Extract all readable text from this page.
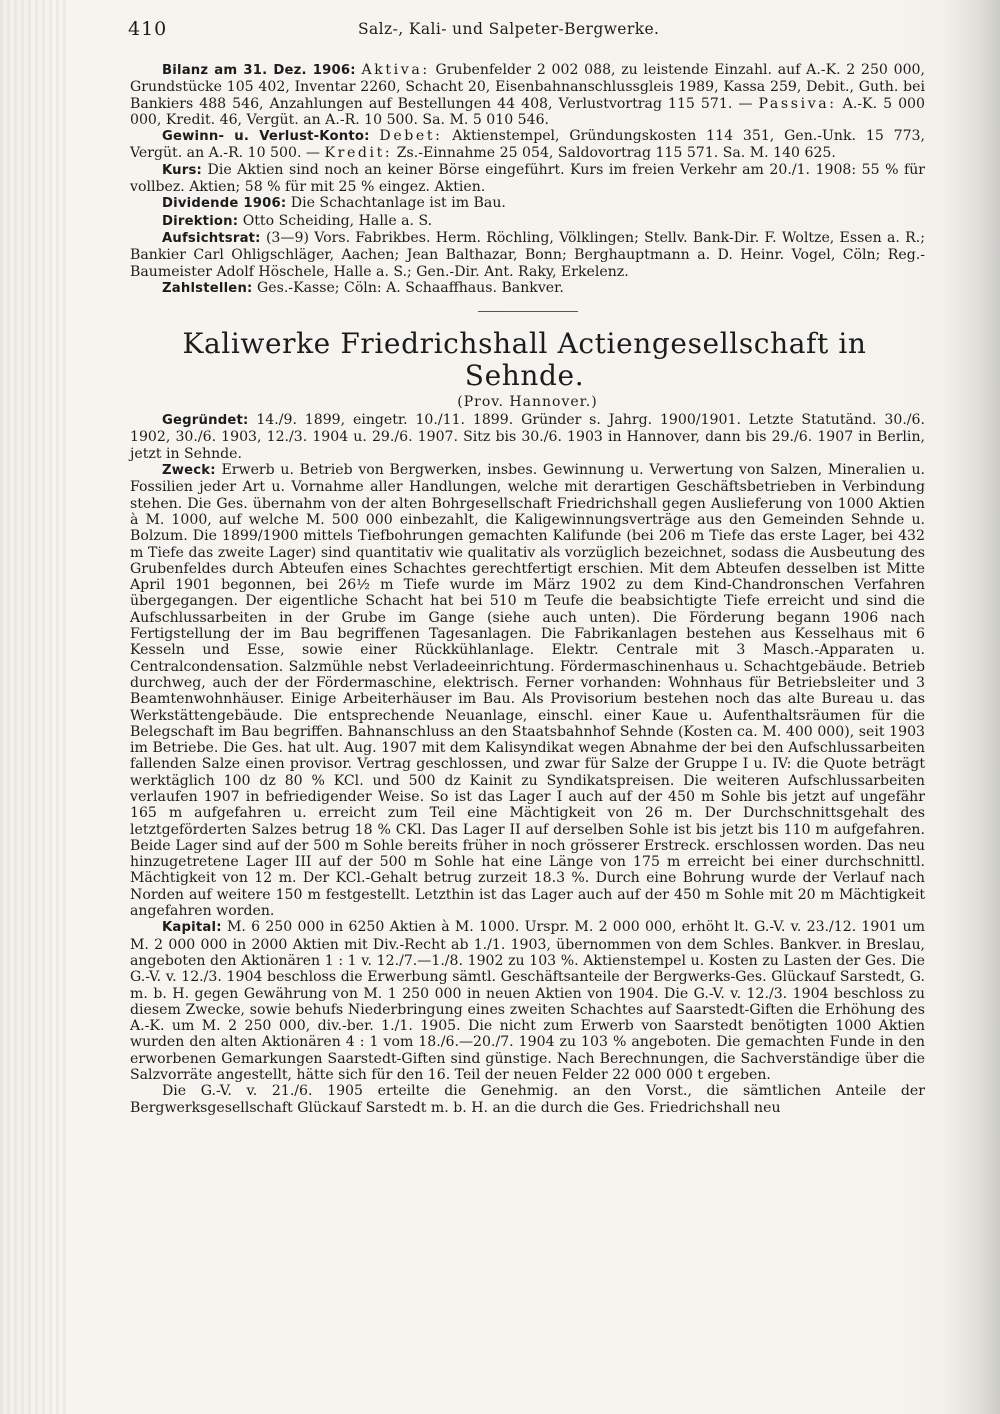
410	Salz-, Kali- und Salpeter-Bergwerke.

Bilanz am 31. Dez. 1906: Aktiva: Grubenfelder 2 002 088, zu leistende Einzahl. auf A.-K. 2 250 000, Grundstücke 105 402, Inventar 2260, Schacht 20, Eisenbahnanschlussgleis 1989, Kassa 259, Debit., Guth. bei Bankiers 488 546, Anzahlungen auf Bestellungen 44 408, Verlustvortrag 115 571. — Passiva: A.-K. 5 000 000, Kredit. 46, Vergüt. an A.-R. 10 500. Sa. M. 5 010 546.

Gewinn- u. Verlust-Konto: Debet: Aktienstempel, Gründungskosten 114 351, Gen.-Unk. 15 773, Vergüt. an A.-R. 10 500. — Kredit: Zs.-Einnahme 25 054, Saldovortrag 115 571. Sa. M. 140 625.

Kurs: Die Aktien sind noch an keiner Börse eingeführt. Kurs im freien Verkehr am 20./1. 1908: 55 % für vollbez. Aktien; 58 % für mit 25 % eingez. Aktien.

Dividende 1906: Die Schachtanlage ist im Bau.

Direktion: Otto Scheiding, Halle a. S.

Aufsichtsrat: (3—9) Vors. Fabrikbes. Herm. Röchling, Völklingen; Stellv. Bank-Dir. F. Woltze, Essen a. R.; Bankier Carl Ohligschläger, Aachen; Jean Balthazar, Bonn; Berghauptmann a. D. Heinr. Vogel, Cöln; Reg.-Baumeister Adolf Höschele, Halle a. S.; Gen.-Dir. Ant. Raky, Erkelenz.

Zahlstellen: Ges.-Kasse; Cöln: A. Schaaffhaus. Bankver.

Kaliwerke Friedrichshall Actiengesellschaft in Sehnde.
(Prov. Hannover.)

Gegründet: 14./9. 1899, eingetr. 10./11. 1899. Gründer s. Jahrg. 1900/1901. Letzte Statutänd. 30./6. 1902, 30./6. 1903, 12./3. 1904 u. 29./6. 1907. Sitz bis 30./6. 1903 in Hannover, dann bis 29./6. 1907 in Berlin, jetzt in Sehnde.

Zweck: Erwerb u. Betrieb von Bergwerken, insbes. Gewinnung u. Verwertung von Salzen, Mineralien u. Fossilien jeder Art u. Vornahme aller Handlungen, welche mit derartigen Geschäftsbetrieben in Verbindung stehen. Die Ges. übernahm von der alten Bohrgesellschaft Friedrichshall gegen Auslieferung von 1000 Aktien à M. 1000, auf welche M. 500 000 einbezahlt, die Kaligewinnungsverträge aus den Gemeinden Sehnde u. Bolzum. Die 1899/1900 mittels Tiefbohrungen gemachten Kalifunde (bei 206 m Tiefe das erste Lager, bei 432 m Tiefe das zweite Lager) sind quantitativ wie qualitativ als vorzüglich bezeichnet, sodass die Ausbeutung des Grubenfeldes durch Abteufen eines Schachtes gerechtfertigt erschien. Mit dem Abteufen desselben ist Mitte April 1901 begonnen, bei 26½ m Tiefe wurde im März 1902 zu dem Kind-Chandronschen Verfahren übergegangen. Der eigentliche Schacht hat bei 510 m Teufe die beabsichtigte Tiefe erreicht und sind die Aufschlussarbeiten in der Grube im Gange (siehe auch unten). Die Förderung begann 1906 nach Fertigstellung der im Bau begriffenen Tagesanlagen. Die Fabrikanlagen bestehen aus Kesselhaus mit 6 Kesseln und Esse, sowie einer Rückkühlanlage. Elektr. Centrale mit 3 Masch.-Apparaten u. Centralcondensation. Salzmühle nebst Verladeeinrichtung. Fördermaschinenhaus u. Schachtgebäude. Betrieb durchweg, auch der der Fördermaschine, elektrisch. Ferner vorhanden: Wohnhaus für Betriebsleiter und 3 Beamtenwohnhäuser. Einige Arbeiterhäuser im Bau. Als Provisorium bestehen noch das alte Bureau u. das Werkstättengebäude. Die entsprechende Neuanlage, einschl. einer Kaue u. Aufenthaltsräumen für die Belegschaft im Bau begriffen. Bahnanschluss an den Staatsbahnhof Sehnde (Kosten ca. M. 400 000), seit 1903 im Betriebe. Die Ges. hat ult. Aug. 1907 mit dem Kalisyndikat wegen Abnahme der bei den Aufschlussarbeiten fallenden Salze einen provisor. Vertrag geschlossen, und zwar für Salze der Gruppe I u. IV: die Quote beträgt werktäglich 100 dz 80 % KCl. und 500 dz Kainit zu Syndikatspreisen. Die weiteren Aufschlussarbeiten verlaufen 1907 in befriedigender Weise. So ist das Lager I auch auf der 450 m Sohle bis jetzt auf ungefähr 165 m aufgefahren u. erreicht zum Teil eine Mächtigkeit von 26 m. Der Durchschnittsgehalt des letztgeförderten Salzes betrug 18 % CKl. Das Lager II auf derselben Sohle ist bis jetzt bis 110 m aufgefahren. Beide Lager sind auf der 500 m Sohle bereits früher in noch grösserer Erstreck. erschlossen worden. Das neu hinzugetretene Lager III auf der 500 m Sohle hat eine Länge von 175 m erreicht bei einer durchschnittl. Mächtigkeit von 12 m. Der KCl.-Gehalt betrug zurzeit 18.3 %. Durch eine Bohrung wurde der Verlauf nach Norden auf weitere 150 m festgestellt. Letzthin ist das Lager auch auf der 450 m Sohle mit 20 m Mächtigkeit angefahren worden.

Kapital: M. 6 250 000 in 6250 Aktien à M. 1000. Urspr. M. 2 000 000, erhöht lt. G.-V. v. 23./12. 1901 um M. 2 000 000 in 2000 Aktien mit Div.-Recht ab 1./1. 1903, übernommen von dem Schles. Bankver. in Breslau, angeboten den Aktionären 1 : 1 v. 12./7.—1./8. 1902 zu 103 %. Aktienstempel u. Kosten zu Lasten der Ges. Die G.-V. v. 12./3. 1904 beschloss die Erwerbung sämtl. Geschäftsanteile der Bergwerks-Ges. Glückauf Sarstedt, G. m. b. H. gegen Gewährung von M. 1 250 000 in neuen Aktien von 1904. Die G.-V. v. 12./3. 1904 beschloss zu diesem Zwecke, sowie behufs Niederbringung eines zweiten Schachtes auf Saarstedt-Giften die Erhöhung des A.-K. um M. 2 250 000, div.-ber. 1./1. 1905. Die nicht zum Erwerb von Saarstedt benötigten 1000 Aktien wurden den alten Aktionären 4 : 1 vom 18./6.—20./7. 1904 zu 103 % angeboten. Die gemachten Funde in den erworbenen Gemarkungen Saarstedt-Giften sind günstige. Nach Berechnungen, die Sachverständige über die Salzvorräte angestellt, hätte sich für den 16. Teil der neuen Felder 22 000 000 t ergeben.

Die G.-V. v. 21./6. 1905 erteilte die Genehmig. an den Vorst., die sämtlichen Anteile der Bergwerksgesellschaft Glückauf Sarstedt m. b. H. an die durch die Ges. Friedrichshall neu
